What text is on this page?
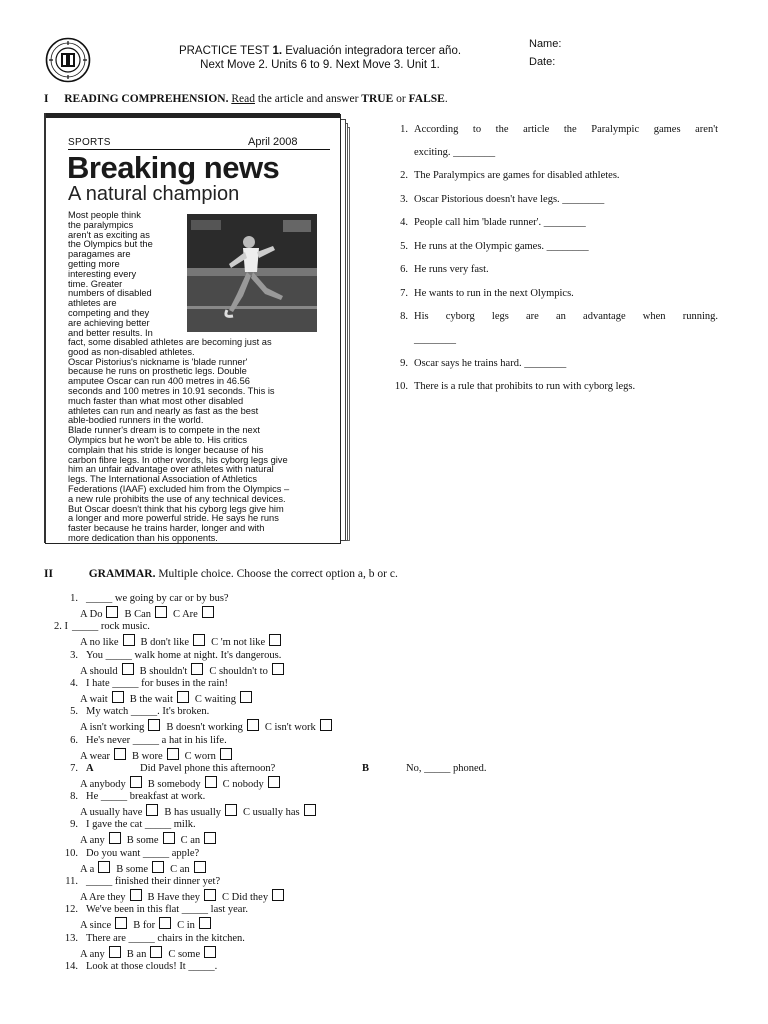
PRACTICE TEST 1. Evaluación integradora tercer año.
Next Move 2. Units 6 to 9. Next Move 3. Unit 1.
Name:
Date:
I READING COMPREHENSION. Read the article and answer TRUE or FALSE.
SPORTS	April 2008
Breaking news
A natural champion
Most people think
the paralympics
aren't as exciting as
the Olympics but the
paragames are
getting more
interesting every
time. Greater
numbers of disabled
athletes are
competing and they
are achieving better
and better results. In
fact, some disabled athletes are becoming just as
good as non-disabled athletes.
Oscar Pistorius's nickname is 'blade runner'
because he runs on prosthetic legs. Double
amputee Oscar can run 400 metres in 46.56
seconds and 100 metres in 10.91 seconds. This is
much faster than what most other disabled
athletes can run and nearly as fast as the best
able-bodied runners in the world.
Blade runner's dream is to compete in the next
Olympics but he won't be able to. His critics
complain that his stride is longer because of his
carbon fibre legs. In other words, his cyborg legs give
him an unfair advantage over athletes with natural
legs. The International Association of Athletics
Federations (IAAF) excluded him from the Olympics –
a new rule prohibits the use of any technical devices.
But Oscar doesn't think that his cyborg legs give him
a longer and more powerful stride. He says he runs
faster because he trains harder, longer and with
more dedication than his opponents.
1. According to the article the Paralympic games aren't
exciting. ________
2. The Paralympics are games for disabled athletes.
3. Oscar Pistorious doesn't have legs. ________
4. People call him 'blade runner'. ________
5. He runs at the Olympic games. ________
6. He runs very fast.
7. He wants to run in the next Olympics.
8. His cyborg legs are an advantage when running.
________
9. Oscar says he trains hard. ________
10. There is a rule that prohibits to run with cyborg legs.
II	GRAMMAR. Multiple choice. Choose the correct option a, b or c.
1. _____ we going by car or by bus?
A Do B Can C Are
2. I _____ rock music.
A no like B don't like C 'm not like
3. You _____ walk home at night. It's dangerous.
A should B shouldn't C shouldn't to
4. I hate _____ for buses in the rain!
A wait B the wait C waiting
5. My watch _____. It's broken.
A isn't working B doesn't working C isn't work
6. He's never _____ a hat in his life.
A wear B wore C worn
7. A	Did Pavel phone this afternoon?	B	No, _____ phoned.
A anybody B somebody C nobody
8. He _____ breakfast at work.
A usually have B has usually C usually has
9. I gave the cat _____ milk.
A any B some C an
10. Do you want _____ apple?
A a B some C an
11. _____ finished their dinner yet?
A Are they B Have they C Did they
12. We've been in this flat _____ last year.
A since B for C in
13. There are _____ chairs in the kitchen.
A any B an C some
14. Look at those clouds! It _____.
